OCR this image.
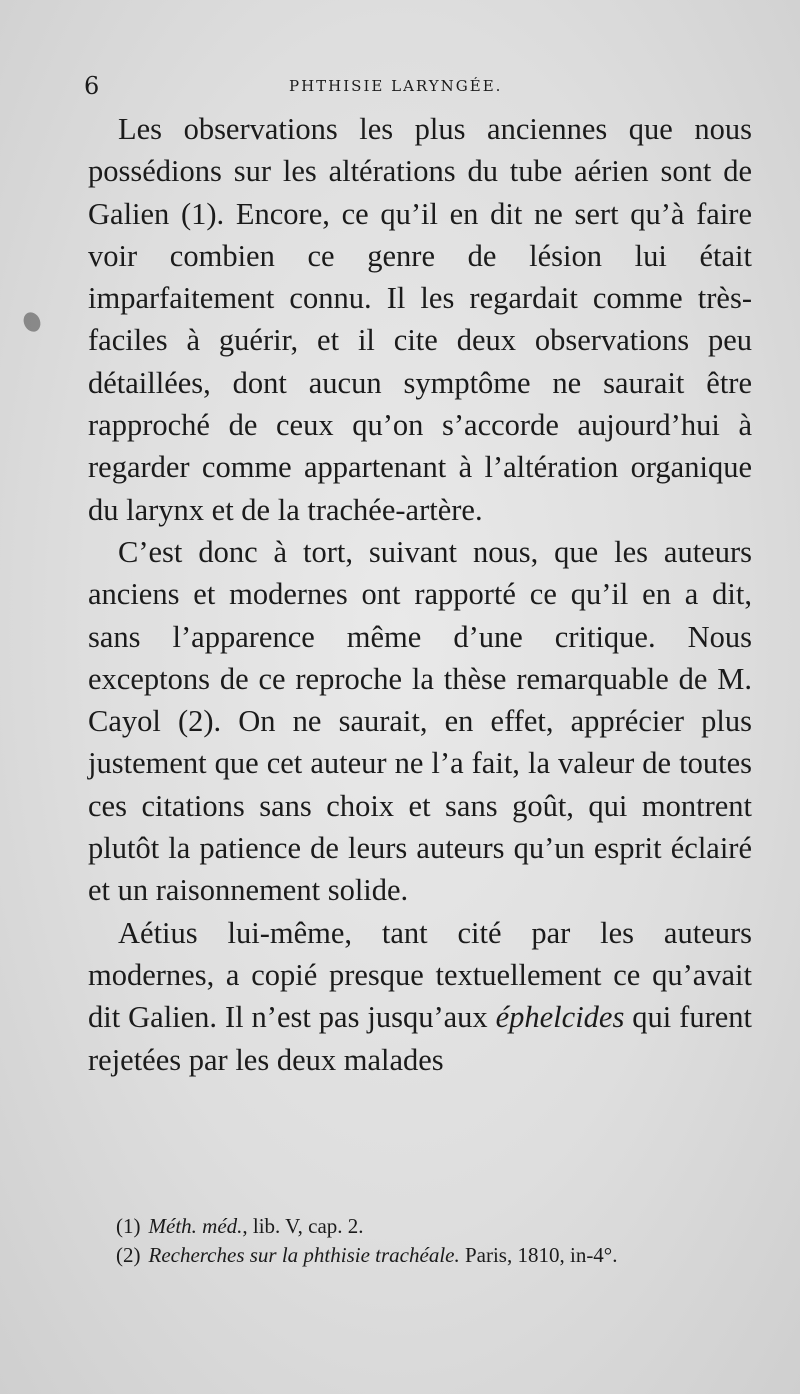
6	PHTHISIE LARYNGÉE.

Les observations les plus anciennes que nous possédions sur les altérations du tube aérien sont de Galien (1). Encore, ce qu’il en dit ne sert qu’à faire voir combien ce genre de lésion lui était imparfaitement connu. Il les regardait comme très-faciles à guérir, et il cite deux observations peu détaillées, dont aucun symptôme ne saurait être rapproché de ceux qu’on s’accorde aujourd’hui à regarder comme appartenant à l’altération organique du larynx et de la trachée-artère.

C’est donc à tort, suivant nous, que les auteurs anciens et modernes ont rapporté ce qu’il en a dit, sans l’apparence même d’une critique. Nous exceptons de ce reproche la thèse remarquable de M. Cayol (2). On ne saurait, en effet, apprécier plus justement que cet auteur ne l’a fait, la valeur de toutes ces citations sans choix et sans goût, qui montrent plutôt la patience de leurs auteurs qu’un esprit éclairé et un raisonnement solide.

Aétius lui-même, tant cité par les auteurs modernes, a copié presque textuellement ce qu’avait dit Galien. Il n’est pas jusqu’aux éphelcides qui furent rejetées par les deux malades

(1) Méth. méd., lib. V, cap. 2.

(2) Recherches sur la phthisie trachéale. Paris, 1810, in-4°.
